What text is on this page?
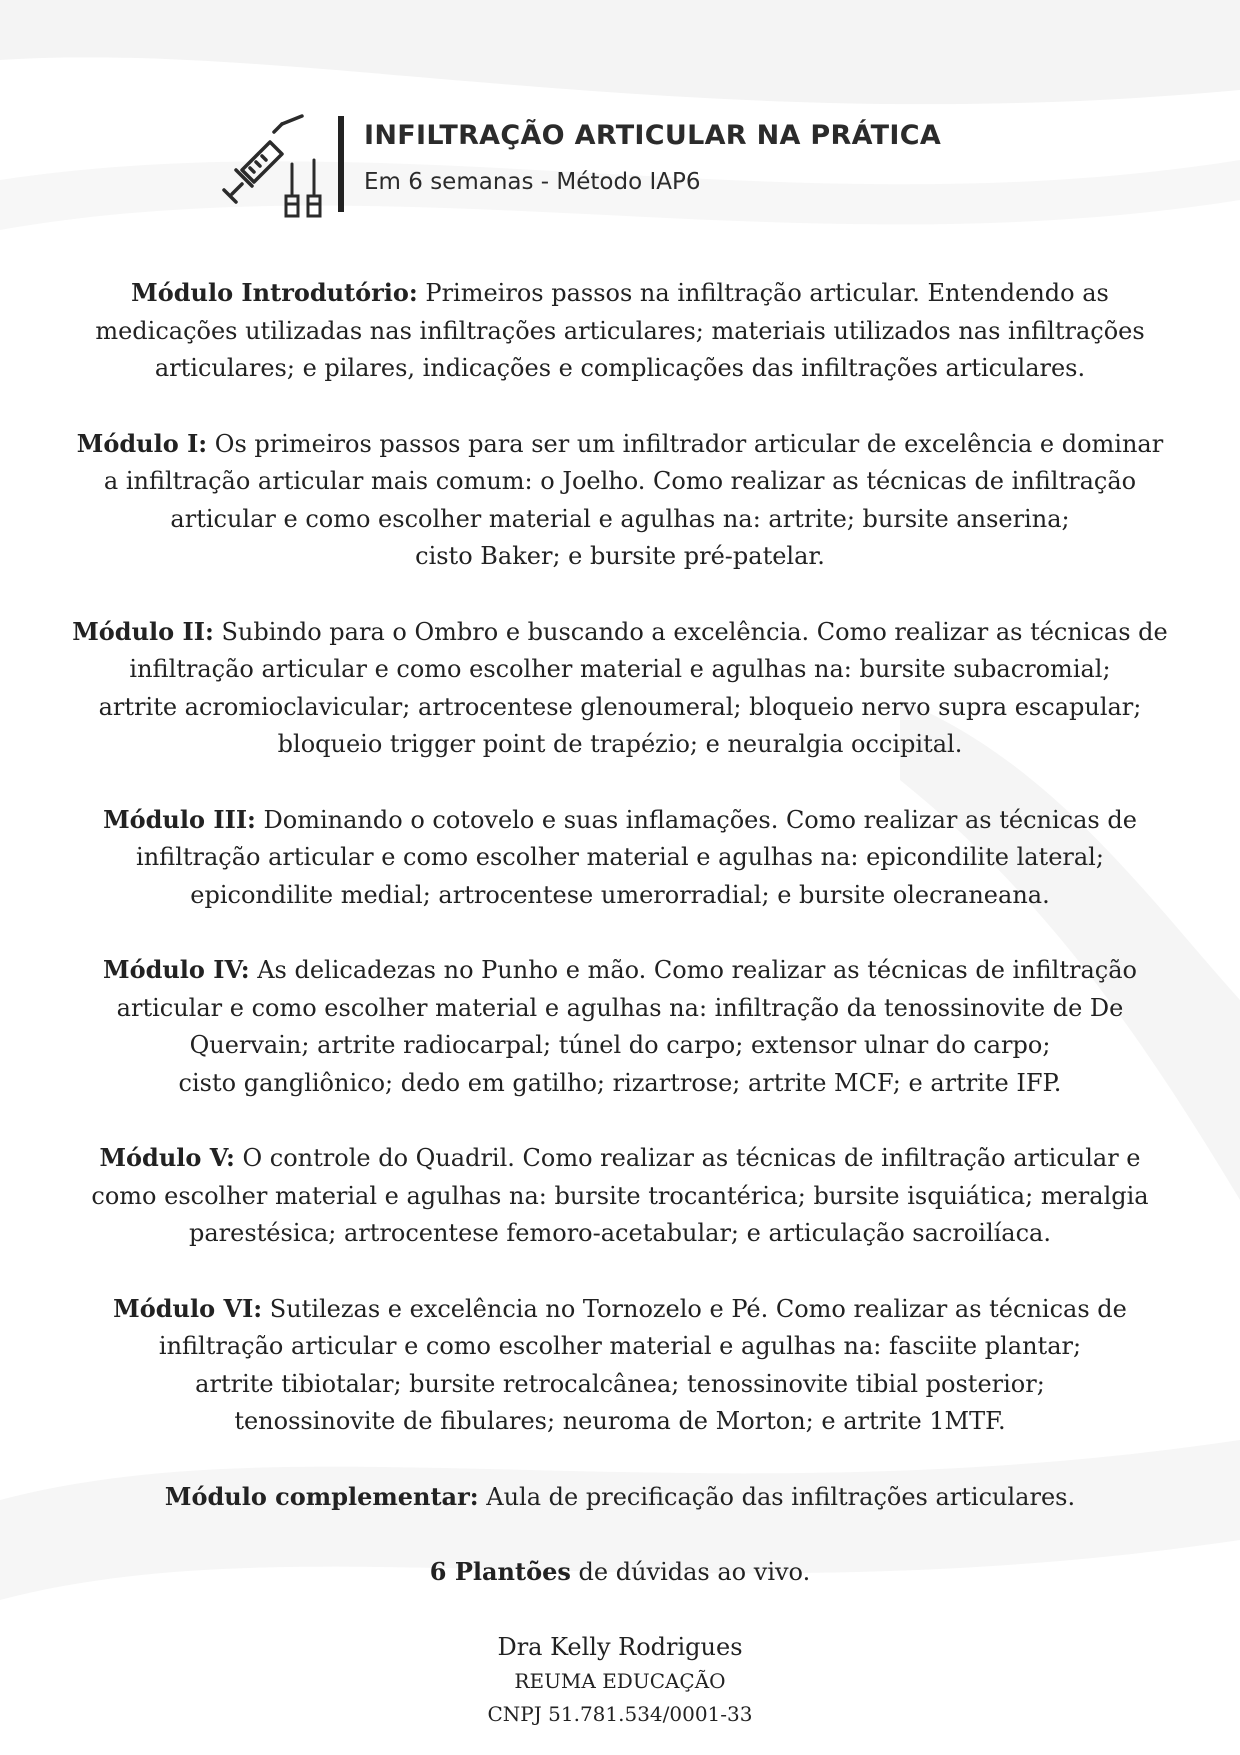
INFILTRAÇÃO ARTICULAR NA PRÁTICA
Em 6 semanas - Método IAP6
Módulo Introdutório: Primeiros passos na infiltração articular. Entendendo as
medicações utilizadas nas infiltrações articulares; materiais utilizados nas infiltrações
articulares; e pilares, indicações e complicações das infiltrações articulares.
Módulo I: Os primeiros passos para ser um infiltrador articular de excelência e dominar
a infiltração articular mais comum: o Joelho. Como realizar as técnicas de infiltração
articular e como escolher material e agulhas na: artrite; bursite anserina;
cisto Baker; e bursite pré-patelar.
Módulo II: Subindo para o Ombro e buscando a excelência. Como realizar as técnicas de
infiltração articular e como escolher material e agulhas na: bursite subacromial;
artrite acromioclavicular; artrocentese glenoumeral; bloqueio nervo supra escapular;
bloqueio trigger point de trapézio; e neuralgia occipital.
Módulo III: Dominando o cotovelo e suas inflamações. Como realizar as técnicas de
infiltração articular e como escolher material e agulhas na: epicondilite lateral;
epicondilite medial; artrocentese umerorradial; e bursite olecraneana.
Módulo IV: As delicadezas no Punho e mão. Como realizar as técnicas de infiltração
articular e como escolher material e agulhas na: infiltração da tenossinovite de De
Quervain; artrite radiocarpal; túnel do carpo; extensor ulnar do carpo;
cisto gangliônico; dedo em gatilho; rizartrose; artrite MCF; e artrite IFP.
Módulo V: O controle do Quadril. Como realizar as técnicas de infiltração articular e
como escolher material e agulhas na: bursite trocantérica; bursite isquiática; meralgia
parestésica; artrocentese femoro-acetabular; e articulação sacroilíaca.
Módulo VI: Sutilezas e excelência no Tornozelo e Pé. Como realizar as técnicas de
infiltração articular e como escolher material e agulhas na: fasciite plantar;
artrite tibiotalar; bursite retrocalcânea; tenossinovite tibial posterior;
tenossinovite de fibulares; neuroma de Morton; e artrite 1MTF.
Módulo complementar: Aula de precificação das infiltrações articulares.
6 Plantões de dúvidas ao vivo.
Dra Kelly Rodrigues
REUMA EDUCAÇÃO
CNPJ 51.781.534/0001-33
